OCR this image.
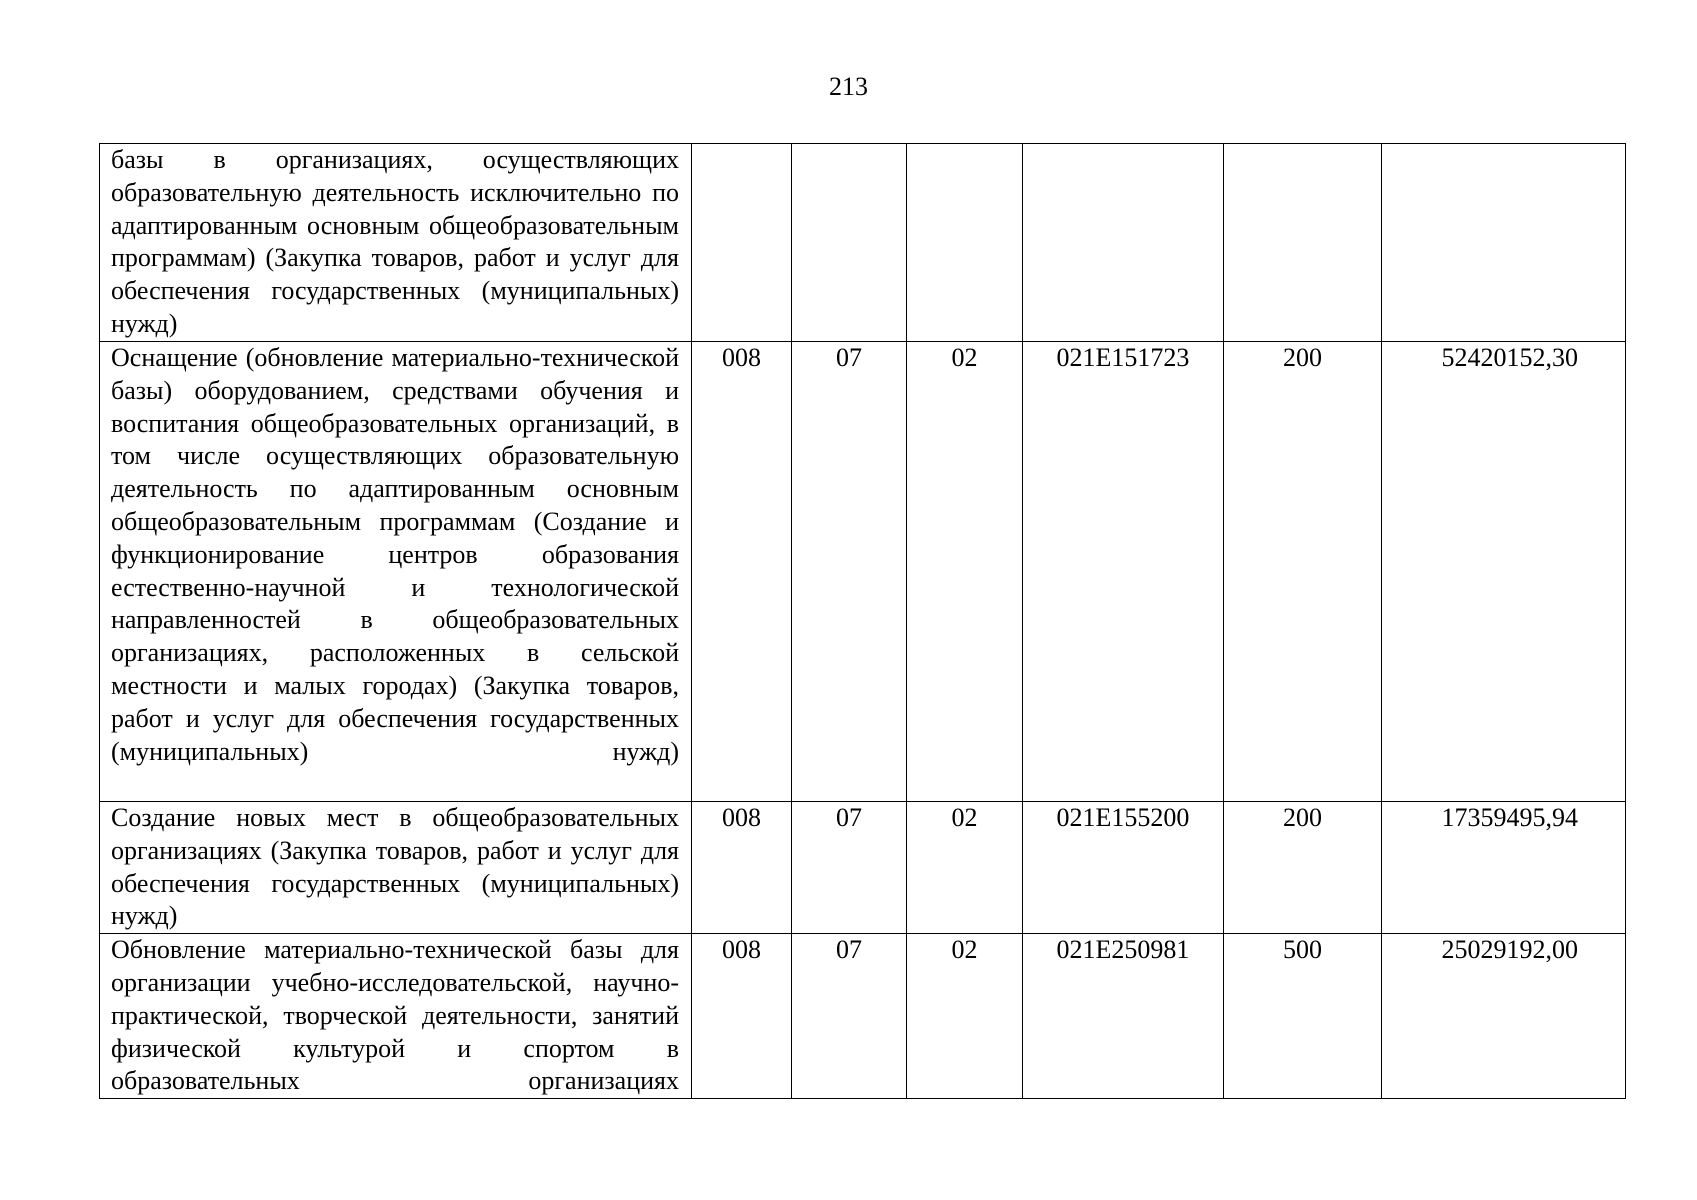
213
базы в организациях, осуществляющих образовательную деятельность исключительно по адаптированным основным общеобразовательным программам) (Закупка товаров, работ и услуг для обеспечения государственных (муниципальных) нужд)						
Оснащение (обновление материально-технической базы) оборудованием, средствами обучения и воспитания общеобразовательных организаций, в том числе осуществляющих образовательную деятельность по адаптированным основным общеобразовательным программам (Создание и функционирование центров образования естественно-научной и технологической направленностей в общеобразовательных организациях, расположенных в сельской местности и малых городах) (Закупка товаров, работ и услуг для обеспечения государственных (муниципальных) нужд)	008	07	02	021E151723	200	52420152,30
Создание новых мест в общеобразовательных организациях (Закупка товаров, работ и услуг для обеспечения государственных (муниципальных) нужд)	008	07	02	021E155200	200	17359495,94
Обновление материально-технической базы для организации учебно-исследовательской, научно-практической, творческой деятельности, занятий физической культурой и спортом в образовательных организациях	008	07	02	021E250981	500	25029192,00
